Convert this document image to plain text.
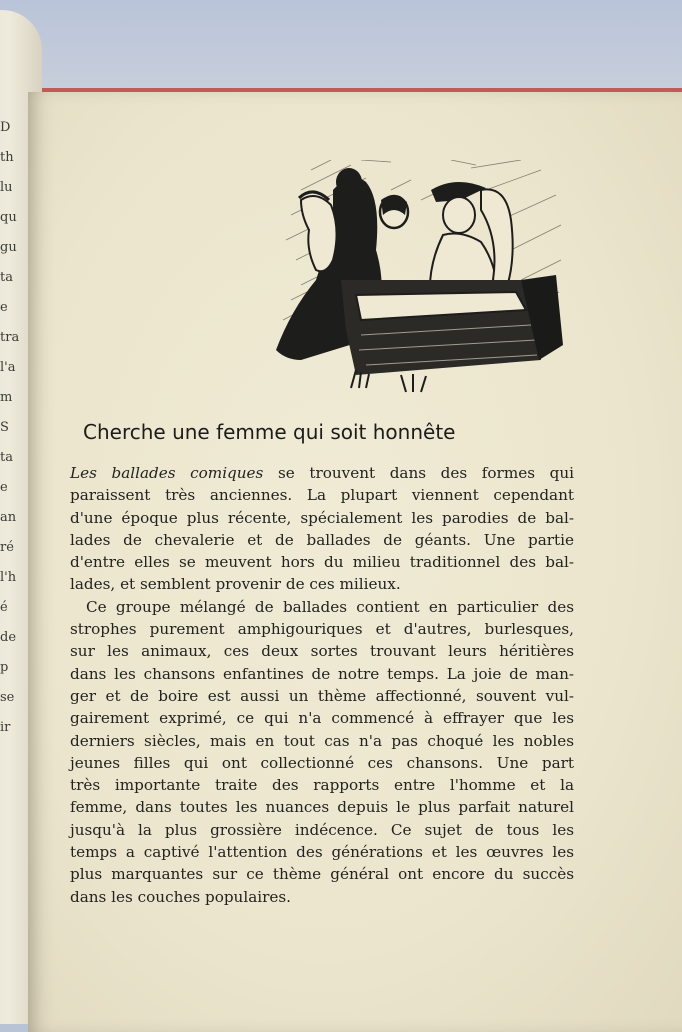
D
th
lu
qu
gu
ta
e
tra
l'a
m
S
ta
e
an
ré
l'h
é
de
p
se
ir
Cherche une femme qui soit honnête
Les ballades comiques se trouvent dans des formes qui
paraissent très anciennes. La plupart viennent cependant
d'une époque plus récente, spécialement les parodies de bal-
lades de chevalerie et de ballades de géants. Une partie
d'entre elles se meuvent hors du milieu traditionnel des bal-
lades, et semblent provenir de ces milieux.
Ce groupe mélangé de ballades contient en particulier des
strophes purement amphigouriques et d'autres, burlesques,
sur les animaux, ces deux sortes trouvant leurs héritières
dans les chansons enfantines de notre temps. La joie de man-
ger et de boire est aussi un thème affectionné, souvent vul-
gairement exprimé, ce qui n'a commencé à effrayer que les
derniers siècles, mais en tout cas n'a pas choqué les nobles
jeunes filles qui ont collectionné ces chansons. Une part
très importante traite des rapports entre l'homme et la
femme, dans toutes les nuances depuis le plus parfait naturel
jusqu'à la plus grossière indécence. Ce sujet de tous les
temps a captivé l'attention des générations et les œuvres les
plus marquantes sur ce thème général ont encore du succès
dans les couches populaires.
